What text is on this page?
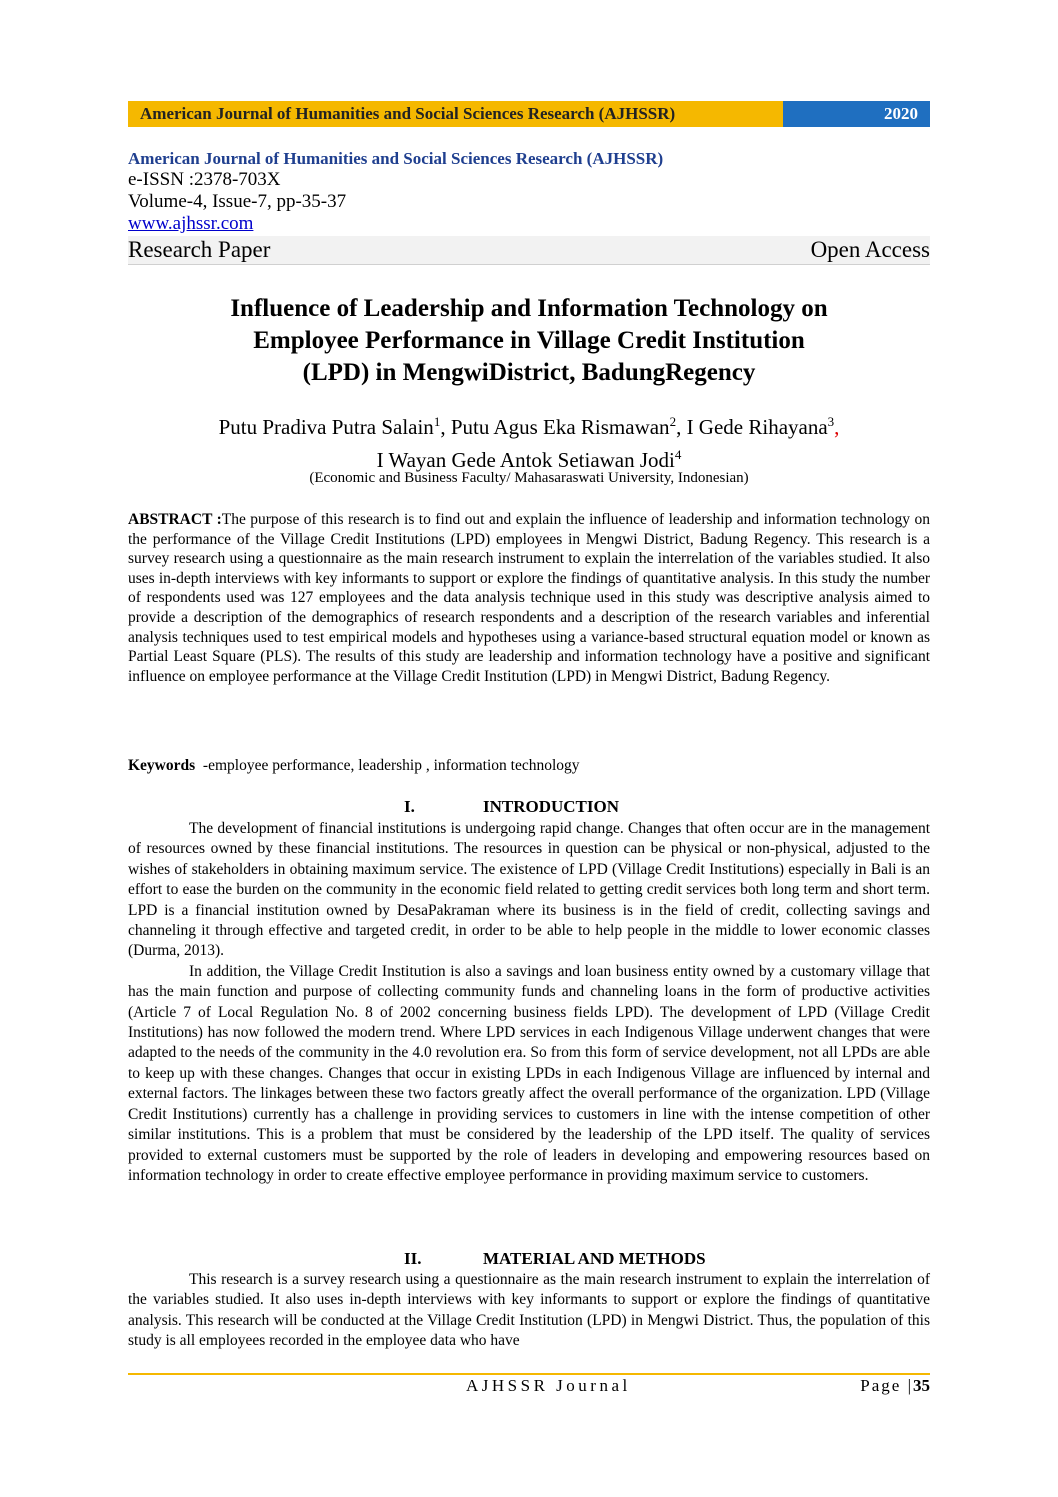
American Journal of Humanities and Social Sciences Research (AJHSSR)	2020
American Journal of Humanities and Social Sciences Research (AJHSSR)
e-ISSN :2378-703X
Volume-4, Issue-7, pp-35-37
www.ajhssr.com
Research Paper	Open Access
Influence of Leadership and Information Technology on
Employee Performance in Village Credit Institution
(LPD) in MengwiDistrict, BadungRegency
Putu Pradiva Putra Salain$^1$, Putu Agus Eka Rismawan$^2$, I Gede Rihayana$^3$,
I Wayan Gede Antok Setiawan Jodi$^4$
(Economic and Business Faculty/ Mahasaraswati University, Indonesian)
ABSTRACT :The purpose of this research is to find out and explain the influence of leadership and information technology on the performance of the Village Credit Institutions (LPD) employees in Mengwi District, Badung Regency. This research is a survey research using a questionnaire as the main research instrument to explain the interrelation of the variables studied. It also uses in-depth interviews with key informants to support or explore the findings of quantitative analysis. In this study the number of respondents used was 127 employees and the data analysis technique used in this study was descriptive analysis aimed to provide a description of the demographics of research respondents and a description of the research variables and inferential analysis techniques used to test empirical models and hypotheses using a variance-based structural equation model or known as Partial Least Square (PLS). The results of this study are leadership and information technology have a positive and significant influence on employee performance at the Village Credit Institution (LPD) in Mengwi District, Badung Regency.
Keywords -employee performance, leadership , information technology
I.	INTRODUCTION

The development of financial institutions is undergoing rapid change. Changes that often occur are in the management of resources owned by these financial institutions. The resources in question can be physical or non-physical, adjusted to the wishes of stakeholders in obtaining maximum service. The existence of LPD (Village Credit Institutions) especially in Bali is an effort to ease the burden on the community in the economic field related to getting credit services both long term and short term. LPD is a financial institution owned by DesaPakraman where its business is in the field of credit, collecting savings and channeling it through effective and targeted credit, in order to be able to help people in the middle to lower economic classes (Durma, 2013).

In addition, the Village Credit Institution is also a savings and loan business entity owned by a customary village that has the main function and purpose of collecting community funds and channeling loans in the form of productive activities (Article 7 of Local Regulation No. 8 of 2002 concerning business fields LPD). The development of LPD (Village Credit Institutions) has now followed the modern trend. Where LPD services in each Indigenous Village underwent changes that were adapted to the needs of the community in the 4.0 revolution era. So from this form of service development, not all LPDs are able to keep up with these changes. Changes that occur in existing LPDs in each Indigenous Village are influenced by internal and external factors. The linkages between these two factors greatly affect the overall performance of the organization. LPD (Village Credit Institutions) currently has a challenge in providing services to customers in line with the intense competition of other similar institutions. This is a problem that must be considered by the leadership of the LPD itself. The quality of services provided to external customers must be supported by the role of leaders in developing and empowering resources based on information technology in order to create effective employee performance in providing maximum service to customers.

II.	MATERIAL AND METHODS

This research is a survey research using a questionnaire as the main research instrument to explain the interrelation of the variables studied. It also uses in-depth interviews with key informants to support or explore the findings of quantitative analysis. This research will be conducted at the Village Credit Institution (LPD) in Mengwi District. Thus, the population of this study is all employees recorded in the employee data who have

AJHSSR Journal	Page |35
